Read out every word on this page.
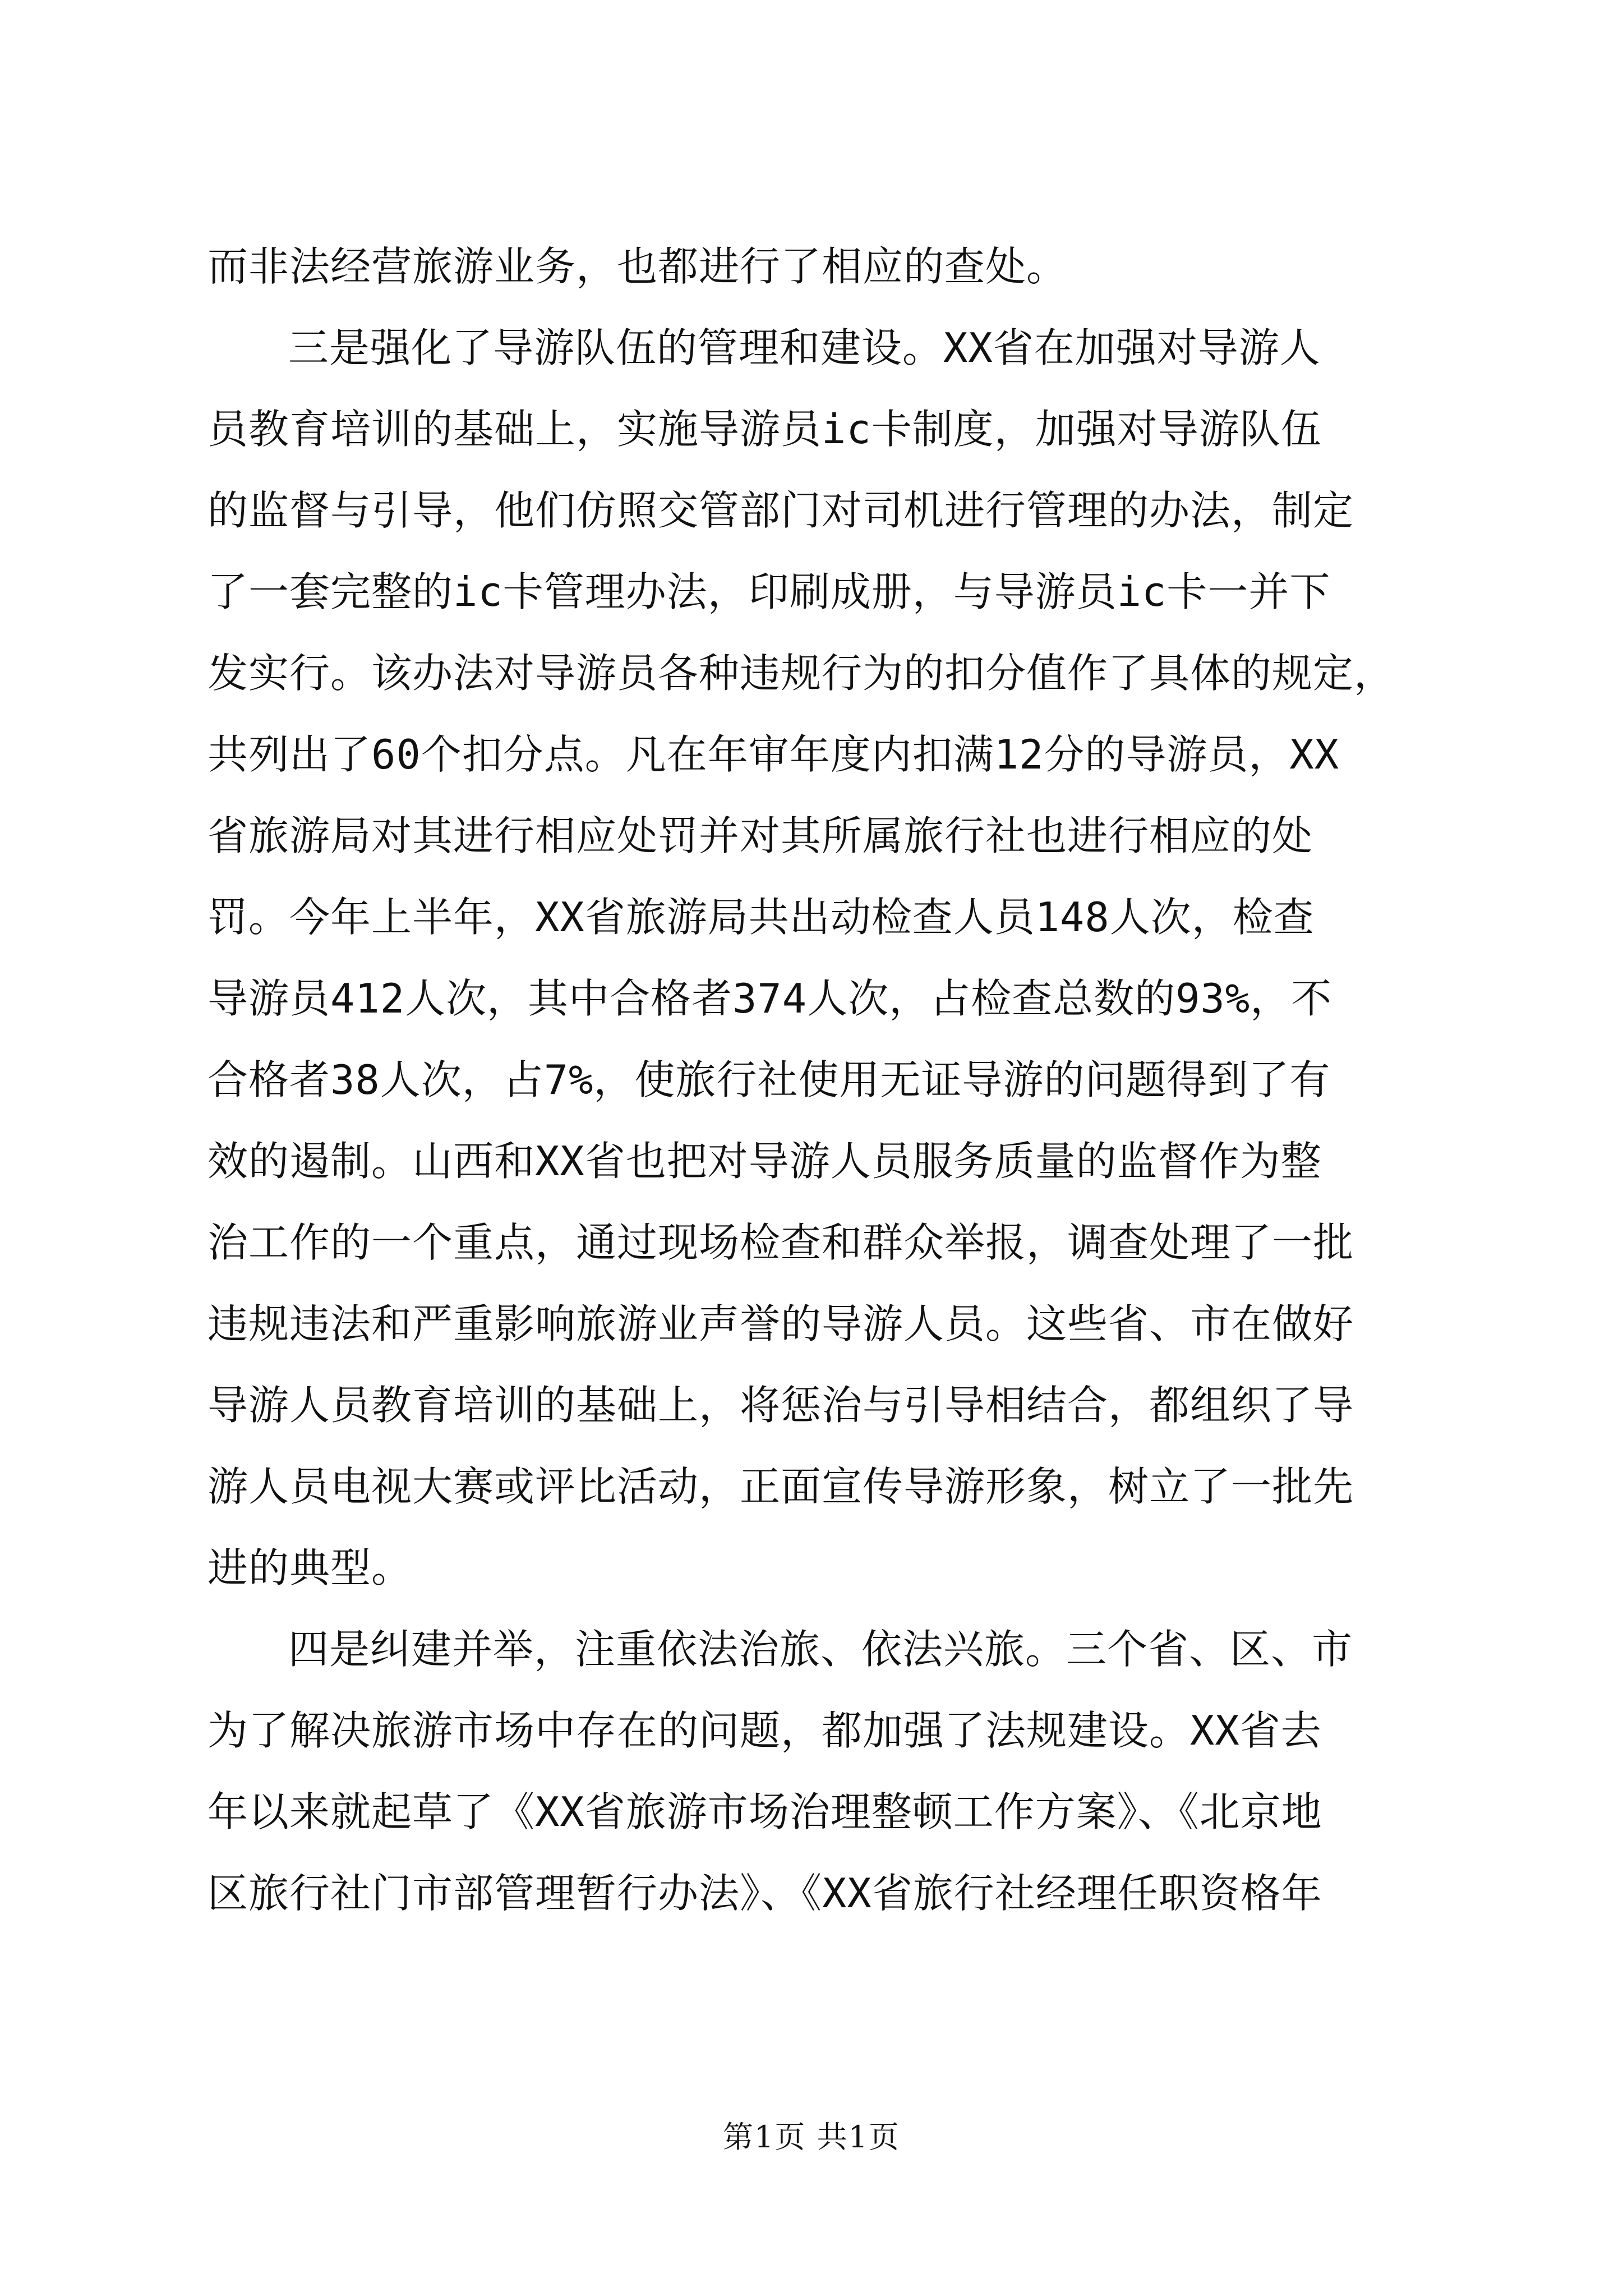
而非法经营旅游业务，也都进行了相应的查处。
三是强化了导游队伍的管理和建设。XX省在加强对导游人
员教育培训的基础上，实施导游员ic卡制度，加强对导游队伍
的监督与引导，他们仿照交管部门对司机进行管理的办法，制定
了一套完整的ic卡管理办法，印刷成册，与导游员ic卡一并下
发实行。该办法对导游员各种违规行为的扣分值作了具体的规定，
共列出了60个扣分点。凡在年审年度内扣满12分的导游员，XX
省旅游局对其进行相应处罚并对其所属旅行社也进行相应的处
罚。今年上半年，XX省旅游局共出动检查人员148人次，检查
导游员412人次，其中合格者374人次，占检查总数的93%，不
合格者38人次，占7%，使旅行社使用无证导游的问题得到了有
效的遏制。山西和XX省也把对导游人员服务质量的监督作为整
治工作的一个重点，通过现场检查和群众举报，调查处理了一批
违规违法和严重影响旅游业声誉的导游人员。这些省、市在做好
导游人员教育培训的基础上，将惩治与引导相结合，都组织了导
游人员电视大赛或评比活动，正面宣传导游形象，树立了一批先
进的典型。
四是纠建并举，注重依法治旅、依法兴旅。三个省、区、市
为了解决旅游市场中存在的问题，都加强了法规建设。XX省去
年以来就起草了《XX省旅游市场治理整顿工作方案》、《北京地
区旅行社门市部管理暂行办法》、《XX省旅行社经理任职资格年
第1页 共1页
